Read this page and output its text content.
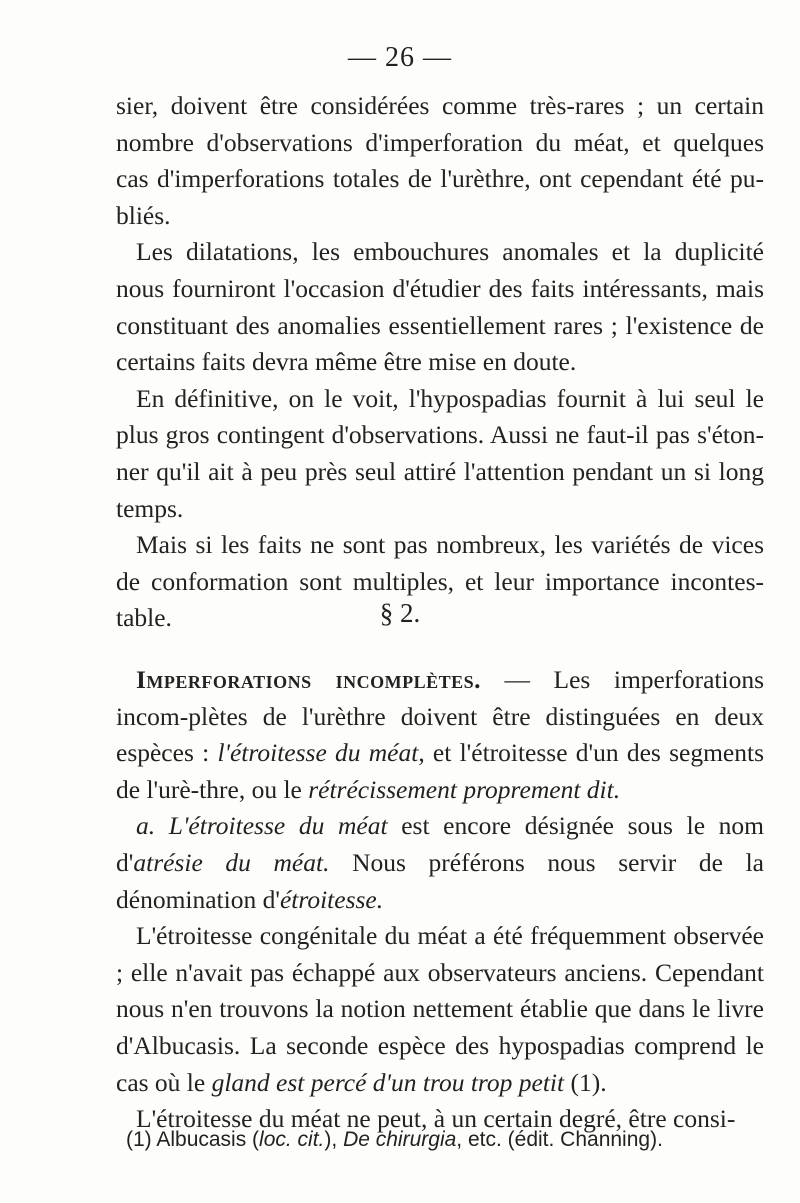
— 26 —

sier, doivent être considérées comme très-rares ; un certain nombre d'observations d'imperforation du méat, et quelques cas d'imperforations totales de l'urèthre, ont cependant été pu-bliés.

Les dilatations, les embouchures anomales et la duplicité nous fourniront l'occasion d'étudier des faits intéressants, mais constituant des anomalies essentiellement rares ; l'existence de certains faits devra même être mise en doute.

En définitive, on le voit, l'hypospadias fournit à lui seul le plus gros contingent d'observations. Aussi ne faut-il pas s'éton-ner qu'il ait à peu près seul attiré l'attention pendant un si long temps.

Mais si les faits ne sont pas nombreux, les variétés de vices de conformation sont multiples, et leur importance incontes-table.	§ 2.

Imperforations incomplètes. — Les imperforations incom-plètes de l'urèthre doivent être distinguées en deux espèces : l'étroitesse du méat, et l'étroitesse d'un des segments de l'urè-thre, ou le rétrécissement proprement dit.

a. L'étroitesse du méat est encore désignée sous le nom d'atrésie du méat. Nous préférons nous servir de la dénomination d'étroitesse.

L'étroitesse congénitale du méat a été fréquemment observée ; elle n'avait pas échappé aux observateurs anciens. Cependant nous n'en trouvons la notion nettement établie que dans le livre d'Albucasis. La seconde espèce des hypospadias comprend le cas où le gland est percé d'un trou trop petit (1).

L'étroitesse du méat ne peut, à un certain degré, être consi-

(1) Albucasis (loc. cit.), De chirurgia, etc. (édit. Channing).
